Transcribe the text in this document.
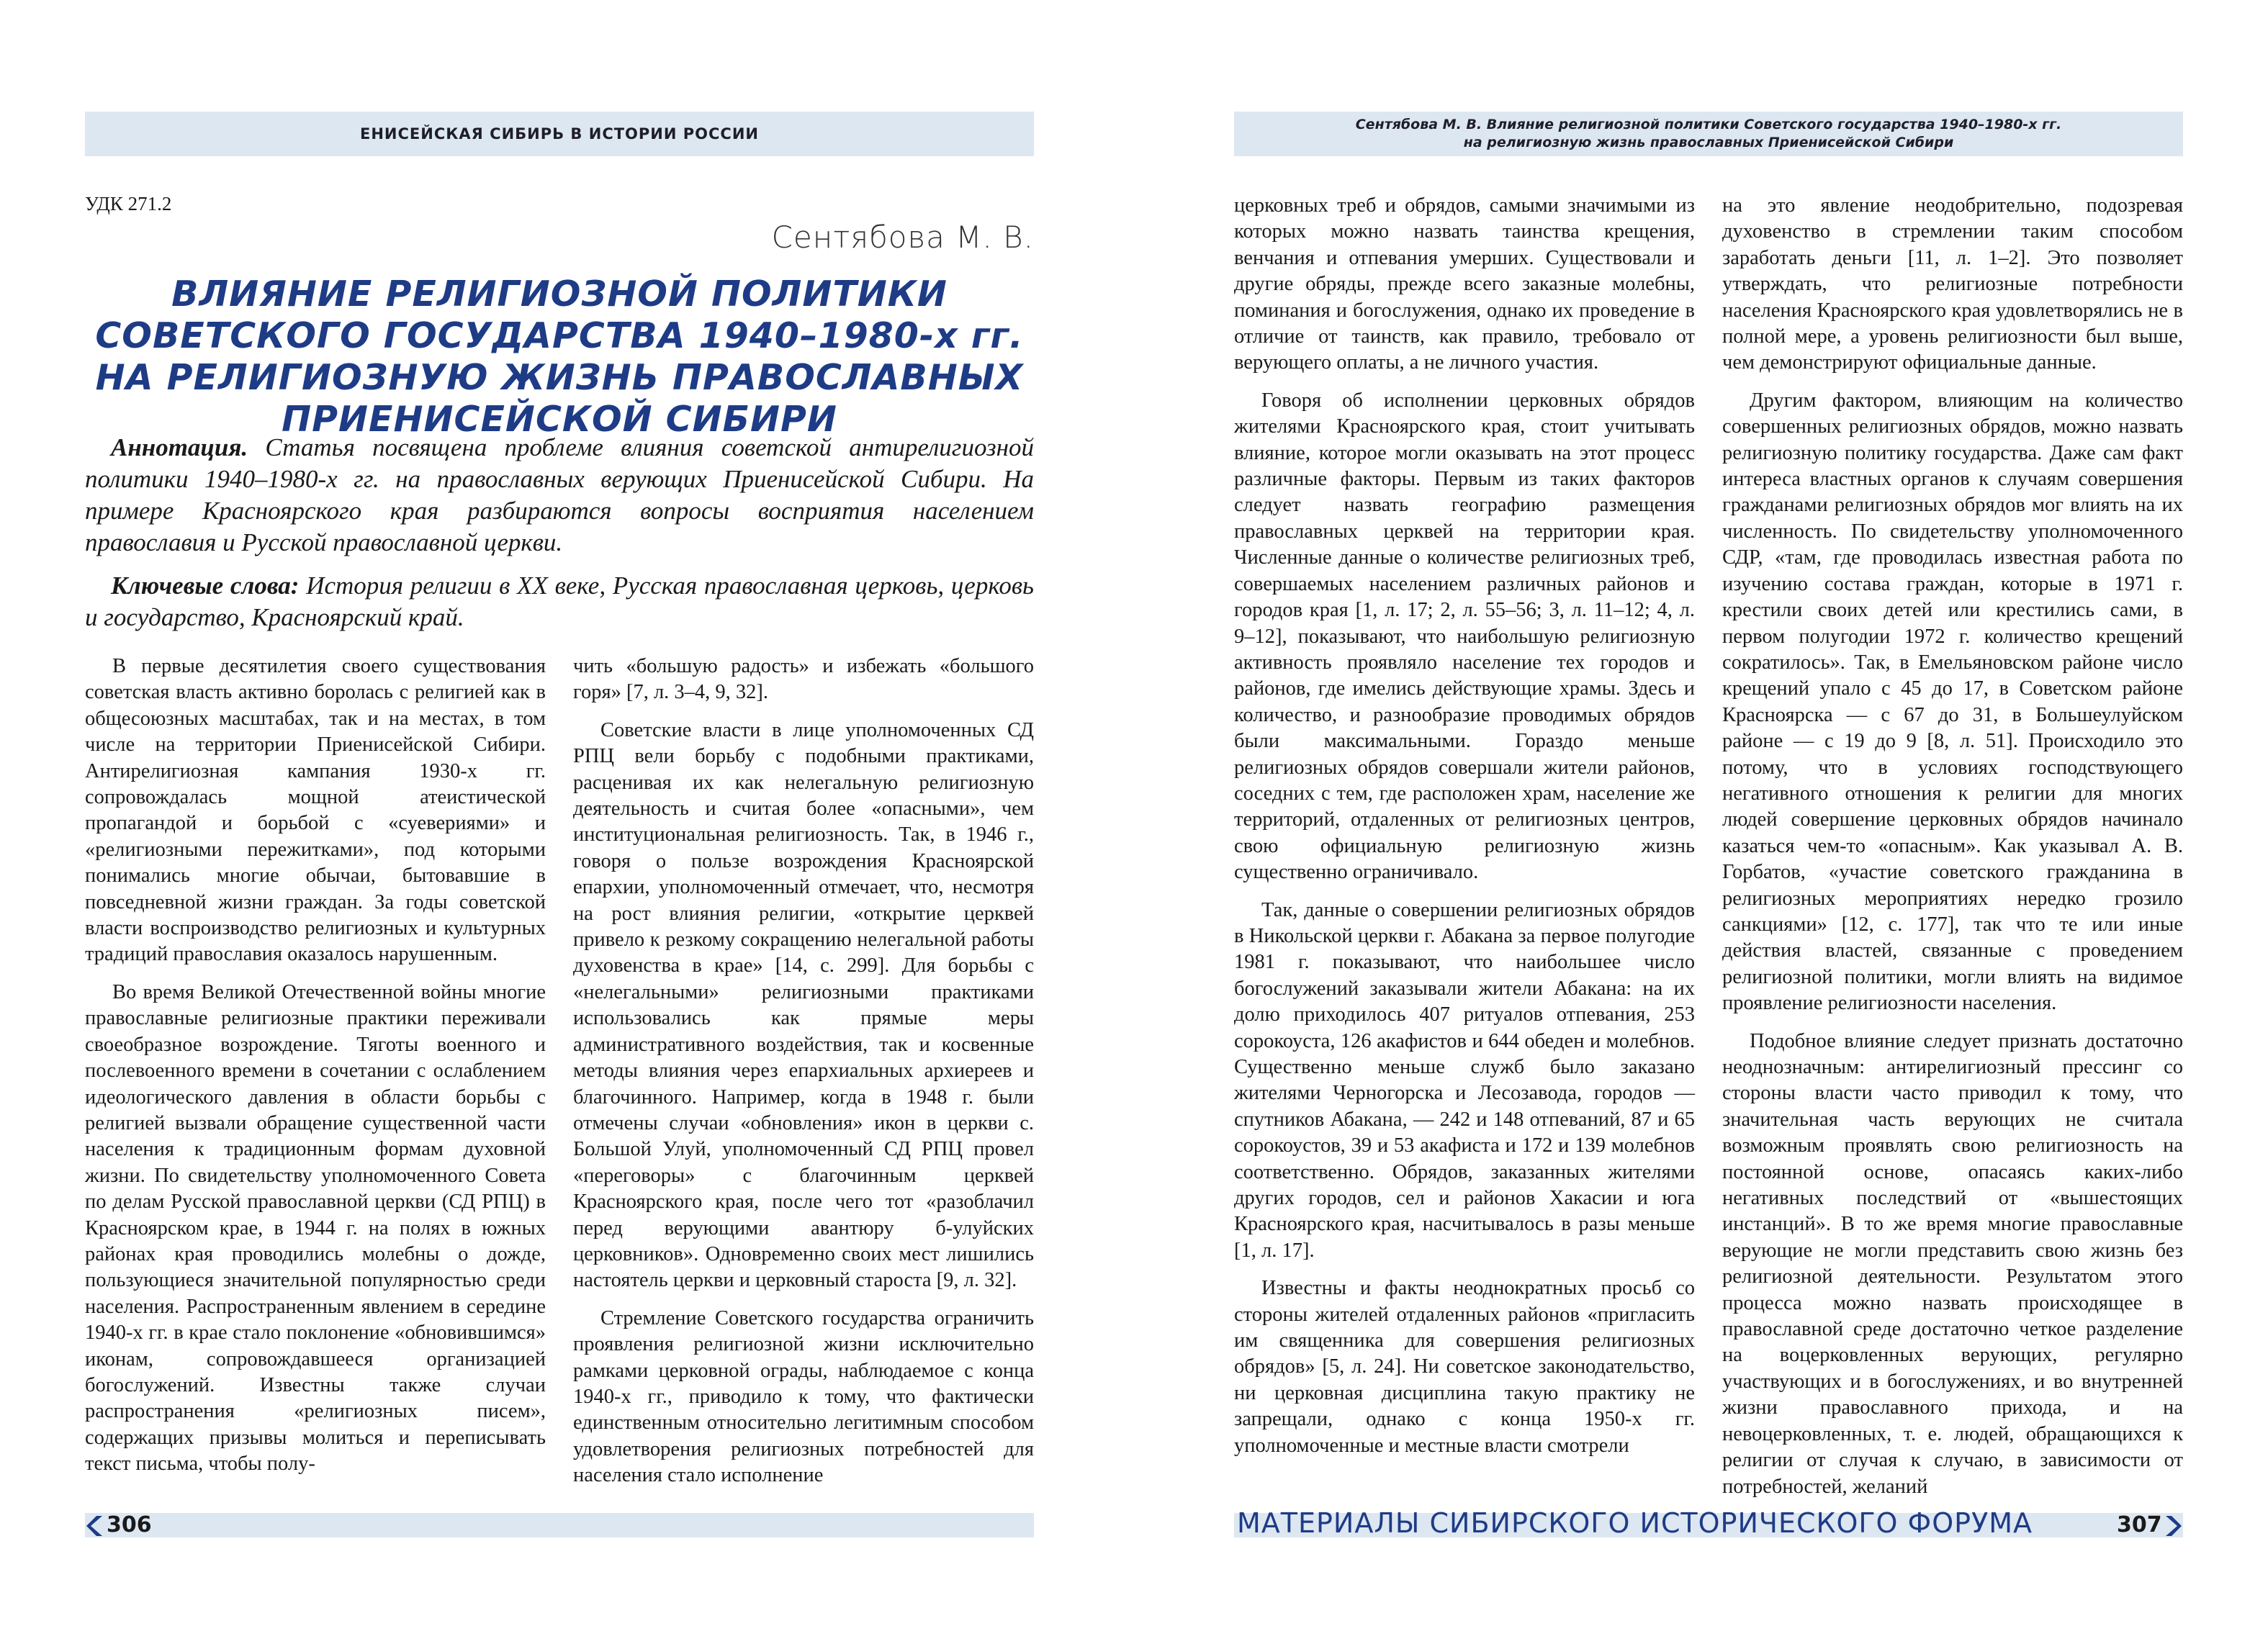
ЕНИСЕЙСКАЯ СИБИРЬ В ИСТОРИИ РОССИИ
Сентябова М. В. Влияние религиозной политики Советского государства 1940–1980-х гг.
на религиозную жизнь православных Приенисейской Сибири
УДК 271.2
Сентябова М. В.
ВЛИЯНИЕ РЕЛИГИОЗНОЙ ПОЛИТИКИ
СОВЕТСКОГО ГОСУДАРСТВА 1940–1980-х гг.
НА РЕЛИГИОЗНУЮ ЖИЗНЬ ПРАВОСЛАВНЫХ
ПРИЕНИСЕЙСКОЙ СИБИРИ
Аннотация. Статья посвящена проблеме влияния советской антирелигиозной политики 1940–1980-х гг. на православных верующих Приенисейской Сибири. На примере Красноярского края разбираются вопросы восприятия населением православия и Русской православной церкви.
Ключевые слова: История религии в ХХ веке, Русская православная церковь, церковь и государство, Красноярский край.

В первые десятилетия своего существования советская власть активно боролась с религией как в общесоюзных масштабах, так и на местах, в том числе на территории Приенисейской Сибири. Антирелигиозная кампания 1930-х гг. сопровождалась мощной атеистической пропагандой и борьбой с «суевериями» и «религиозными пережитками», под которыми понимались многие обычаи, бытовавшие в повседневной жизни граждан. За годы советской власти воспроизводство религиозных и культурных традиций православия оказалось нарушенным.

Во время Великой Отечественной войны многие православные религиозные практики переживали своеобразное возрождение. Тяготы военного и послевоенного времени в сочетании с ослаблением идеологического давления в области борьбы с религией вызвали обращение существенной части населения к традиционным формам духовной жизни. По свидетельству уполномоченного Совета по делам Русской православной церкви (СД РПЦ) в Красноярском крае, в 1944 г. на полях в южных районах края проводились молебны о дожде, пользующиеся значительной популярностью среди населения. Распространенным явлением в середине 1940-х гг. в крае стало поклонение «обновившимся» иконам, сопровождавшееся организацией богослужений. Известны также случаи распространения «религиозных писем», содержащих призывы молиться и переписывать текст письма, чтобы полу-

чить «большую радость» и избежать «большого горя» [7, л. 3–4, 9, 32].

Советские власти в лице уполномоченных СД РПЦ вели борьбу с подобными практиками, расценивая их как нелегальную религиозную деятельность и считая более «опасными», чем институциональная религиозность. Так, в 1946 г., говоря о пользе возрождения Красноярской епархии, уполномоченный отмечает, что, несмотря на рост влияния религии, «открытие церквей привело к резкому сокращению нелегальной работы духовенства в крае» [14, с. 299]. Для борьбы с «нелегальными» религиозными практиками использовались как прямые меры административного воздействия, так и косвенные методы влияния через епархиальных архиереев и благочинного. Например, когда в 1948 г. были отмечены случаи «обновления» икон в церкви с. Большой Улуй, уполномоченный СД РПЦ провел «переговоры» с благочинным церквей Красноярского края, после чего тот «разоблачил перед верующими авантюру б-улуйских церковников». Одновременно своих мест лишились настоятель церкви и церковный староста [9, л. 32].

Стремление Советского государства ограничить проявления религиозной жизни исключительно рамками церковной ограды, наблюдаемое с конца 1940-х гг., приводило к тому, что фактически единственным относительно легитимным способом удовлетворения религиозных потребностей для населения стало исполнение

церковных треб и обрядов, самыми значимыми из которых можно назвать таинства крещения, венчания и отпевания умерших. Существовали и другие обряды, прежде всего заказные молебны, поминания и богослужения, однако их проведение в отличие от таинств, как правило, требовало от верующего оплаты, а не личного участия.

Говоря об исполнении церковных обрядов жителями Красноярского края, стоит учитывать влияние, которое могли оказывать на этот процесс различные факторы. Первым из таких факторов следует назвать географию размещения православных церквей на территории края. Численные данные о количестве религиозных треб, совершаемых населением различных районов и городов края [1, л. 17; 2, л. 55–56; 3, л. 11–12; 4, л. 9–12], показывают, что наибольшую религиозную активность проявляло население тех городов и районов, где имелись действующие храмы. Здесь и количество, и разнообразие проводимых обрядов были максимальными. Гораздо меньше религиозных обрядов совершали жители районов, соседних с тем, где расположен храм, население же территорий, отдаленных от религиозных центров, свою официальную религиозную жизнь существенно ограничивало.

Так, данные о совершении религиозных обрядов в Никольской церкви г. Абакана за первое полугодие 1981 г. показывают, что наибольшее число богослужений заказывали жители Абакана: на их долю приходилось 407 ритуалов отпевания, 253 сорокоуста, 126 акафистов и 644 обеден и молебнов. Существенно меньше служб было заказано жителями Черногорска и Лесозавода, городов — спутников Абакана, — 242 и 148 отпеваний, 87 и 65 сорокоустов, 39 и 53 акафиста и 172 и 139 молебнов соответственно. Обрядов, заказанных жителями других городов, сел и районов Хакасии и юга Красноярского края, насчитывалось в разы меньше [1, л. 17].

Известны и факты неоднократных просьб со стороны жителей отдаленных районов «пригласить им священника для совершения религиозных обрядов» [5, л. 24]. Ни советское законодательство, ни церковная дисциплина такую практику не запрещали, однако с конца 1950-х гг. уполномоченные и местные власти смотрели

на это явление неодобрительно, подозревая духовенство в стремлении таким способом заработать деньги [11, л. 1–2]. Это позволяет утверждать, что религиозные потребности населения Красноярского края удовлетворялись не в полной мере, а уровень религиозности был выше, чем демонстрируют официальные данные.

Другим фактором, влияющим на количество совершенных религиозных обрядов, можно назвать религиозную политику государства. Даже сам факт интереса властных органов к случаям совершения гражданами религиозных обрядов мог влиять на их численность. По свидетельству уполномоченного СДР, «там, где проводилась известная работа по изучению состава граждан, которые в 1971 г. крестили своих детей или крестились сами, в первом полугодии 1972 г. количество крещений сократилось». Так, в Емельяновском районе число крещений упало с 45 до 17, в Советском районе Красноярска — с 67 до 31, в Большеулуйском районе — с 19 до 9 [8, л. 51]. Происходило это потому, что в условиях господствующего негативного отношения к религии для многих людей совершение церковных обрядов начинало казаться чем-то «опасным». Как указывал А. В. Горбатов, «участие советского гражданина в религиозных мероприятиях нередко грозило санкциями» [12, с. 177], так что те или иные действия властей, связанные с проведением религиозной политики, могли влиять на видимое проявление религиозности населения.

Подобное влияние следует признать достаточно неоднозначным: антирелигиозный прессинг со стороны власти часто приводил к тому, что значительная часть верующих не считала возможным проявлять свою религиозность на постоянной основе, опасаясь каких-либо негативных последствий от «вышестоящих инстанций». В то же время многие православные верующие не могли представить свою жизнь без религиозной деятельности. Результатом этого процесса можно назвать происходящее в православной среде достаточно четкое разделение на воцерковленных верующих, регулярно участвующих и в богослужениях, и во внутренней жизни православного прихода, и на невоцерковленных, т. е. людей, обращающихся к религии от случая к случаю, в зависимости от потребностей, желаний

306	МАТЕРИАЛЫ СИБИРСКОГО ИСТОРИЧЕСКОГО ФОРУМА	307
